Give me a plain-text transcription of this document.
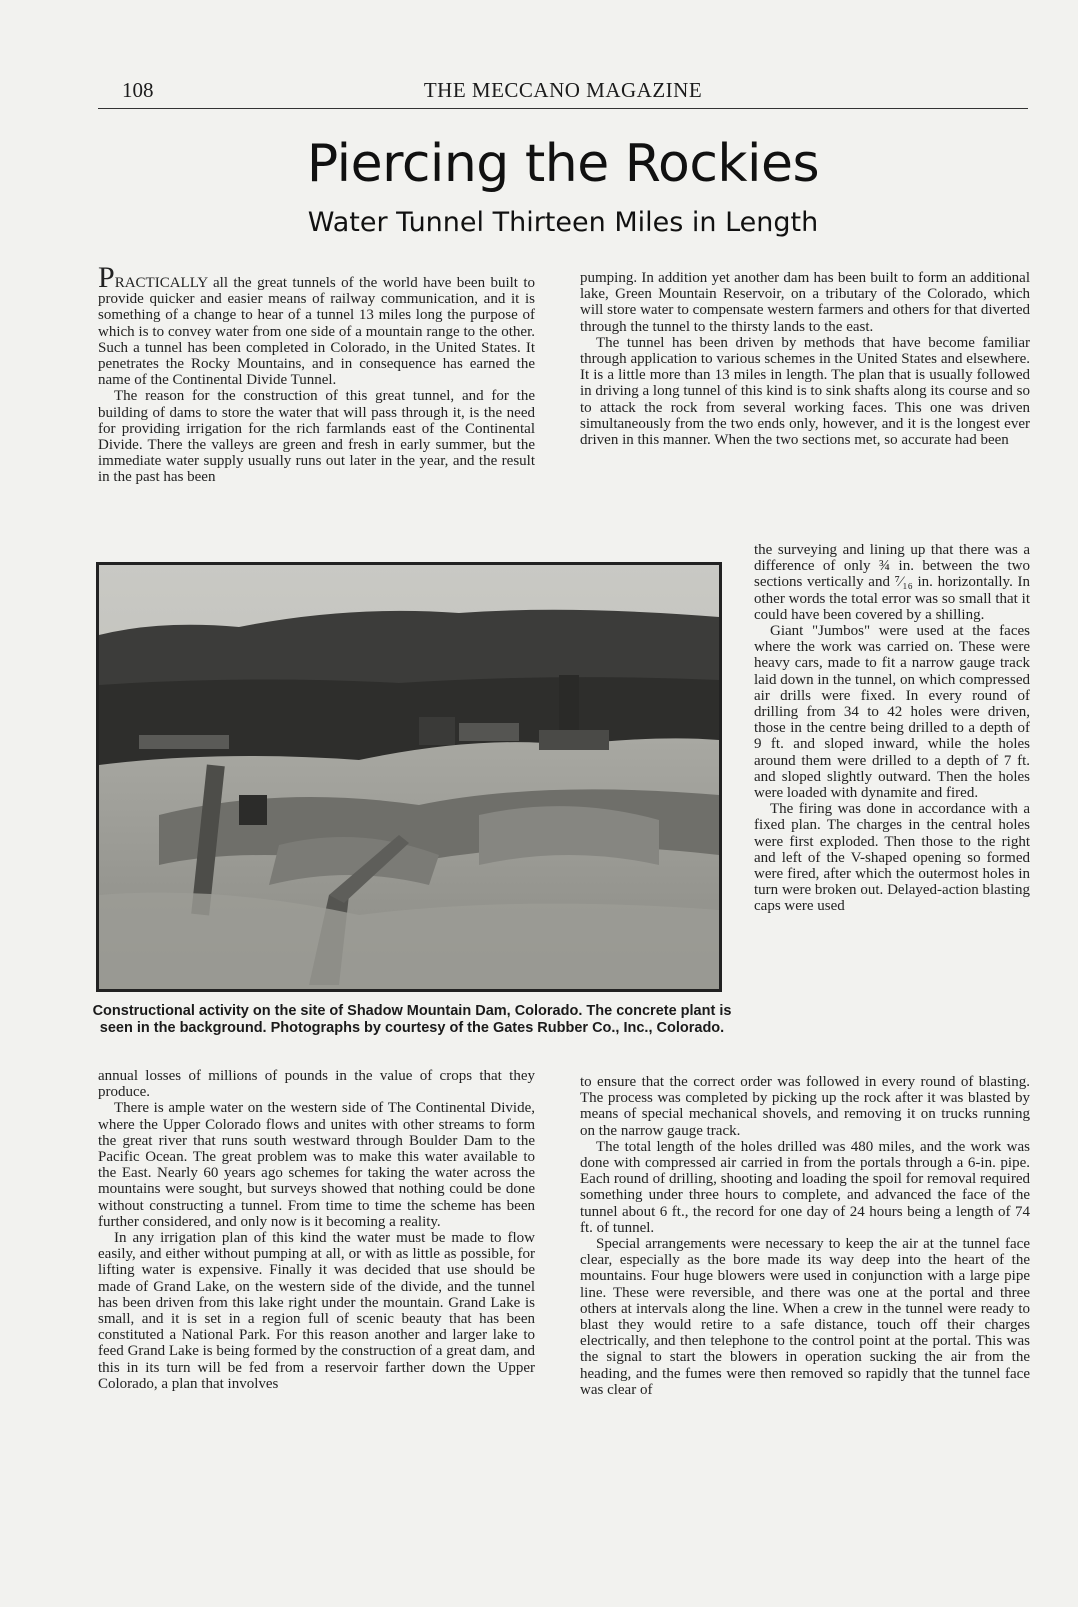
108	THE MECCANO MAGAZINE
Piercing the Rockies
Water Tunnel Thirteen Miles in Length

PRACTICALLY all the great tunnels of the world have been built to provide quicker and easier means of railway communication, and it is something of a change to hear of a tunnel 13 miles long the purpose of which is to convey water from one side of a mountain range to the other. Such a tunnel has been completed in Colorado, in the United States. It penetrates the Rocky Mountains, and in consequence has earned the name of the Continental Divide Tunnel.

The reason for the construction of this great tunnel, and for the building of dams to store the water that will pass through it, is the need for providing irrigation for the rich farmlands east of the Continental Divide. There the valleys are green and fresh in early summer, but the immediate water supply usually runs out later in the year, and the result in the past has been

pumping. In addition yet another dam has been built to form an additional lake, Green Mountain Reservoir, on a tributary of the Colorado, which will store water to compensate western farmers and others for that diverted through the tunnel to the thirsty lands to the east.

The tunnel has been driven by methods that have become familiar through application to various schemes in the United States and elsewhere. It is a little more than 13 miles in length. The plan that is usually followed in driving a long tunnel of this kind is to sink shafts along its course and so to attack the rock from several working faces. This one was driven simultaneously from the two ends only, however, and it is the longest ever driven in this manner. When the two sections met, so accurate had been

the surveying and lining up that there was a difference of only ¾ in. between the two sections vertically and ⁷⁄₁₆ in. horizontally. In other words the total error was so small that it could have been covered by a shilling.

Giant "Jumbos" were used at the faces where the work was carried on. These were heavy cars, made to fit a narrow gauge track laid down in the tunnel, on which compressed air drills were fixed. In every round of drilling from 34 to 42 holes were driven, those in the centre being drilled to a depth of 9 ft. and sloped inward, while the holes around them were drilled to a depth of 7 ft. and sloped slightly outward. Then the holes were loaded with dynamite and fired.

The firing was done in accordance with a fixed plan. The charges in the central holes were first exploded. Then those to the right and left of the V-shaped opening so formed were fired, after which the outermost holes in turn were broken out. Delayed-action blasting caps were used

Constructional activity on the site of Shadow Mountain Dam, Colorado. The concrete plant is seen in the background. Photographs by courtesy of the Gates Rubber Co., Inc., Colorado.

annual losses of millions of pounds in the value of crops that they produce.

There is ample water on the western side of The Continental Divide, where the Upper Colorado flows and unites with other streams to form the great river that runs south westward through Boulder Dam to the Pacific Ocean. The great problem was to make this water available to the East. Nearly 60 years ago schemes for taking the water across the mountains were sought, but surveys showed that nothing could be done without constructing a tunnel. From time to time the scheme has been further considered, and only now is it becoming a reality.

In any irrigation plan of this kind the water must be made to flow easily, and either without pumping at all, or with as little as possible, for lifting water is expensive. Finally it was decided that use should be made of Grand Lake, on the western side of the divide, and the tunnel has been driven from this lake right under the mountain. Grand Lake is small, and it is set in a region full of scenic beauty that has been constituted a National Park. For this reason another and larger lake to feed Grand Lake is being formed by the construction of a great dam, and this in its turn will be fed from a reservoir farther down the Upper Colorado, a plan that involves

to ensure that the correct order was followed in every round of blasting. The process was completed by picking up the rock after it was blasted by means of special mechanical shovels, and removing it on trucks running on the narrow gauge track.

The total length of the holes drilled was 480 miles, and the work was done with compressed air carried in from the portals through a 6-in. pipe. Each round of drilling, shooting and loading the spoil for removal required something under three hours to complete, and advanced the face of the tunnel about 6 ft., the record for one day of 24 hours being a length of 74 ft. of tunnel.

Special arrangements were necessary to keep the air at the tunnel face clear, especially as the bore made its way deep into the heart of the mountains. Four huge blowers were used in conjunction with a large pipe line. These were reversible, and there was one at the portal and three others at intervals along the line. When a crew in the tunnel were ready to blast they would retire to a safe distance, touch off their charges electrically, and then telephone to the control point at the portal. This was the signal to start the blowers in operation sucking the air from the heading, and the fumes were then removed so rapidly that the tunnel face was clear of
